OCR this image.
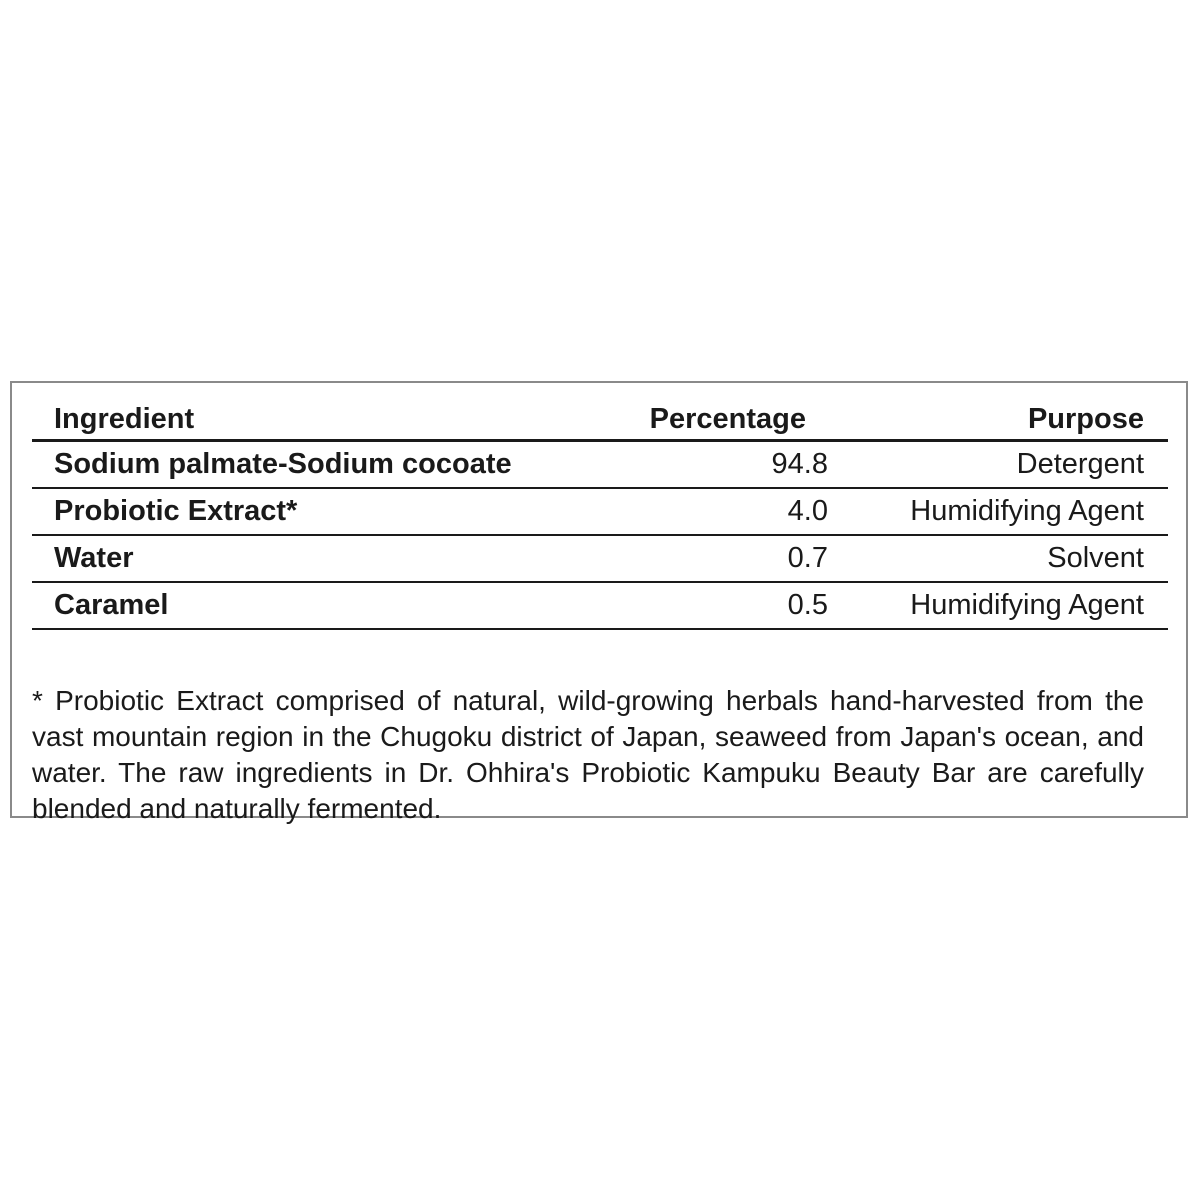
Ingredient	Percentage	Purpose
Sodium palmate-Sodium cocoate	94.8	Detergent
Probiotic Extract*	4.0	Humidifying Agent
Water	0.7	Solvent
Caramel	0.5	Humidifying Agent

* Probiotic Extract comprised of natural, wild-growing herbals hand-harvested from the vast mountain region in the Chugoku district of Japan, seaweed from Japan's ocean, and water. The raw ingredients in Dr. Ohhira's Probiotic Kampuku Beauty Bar are carefully blended and naturally fermented.
